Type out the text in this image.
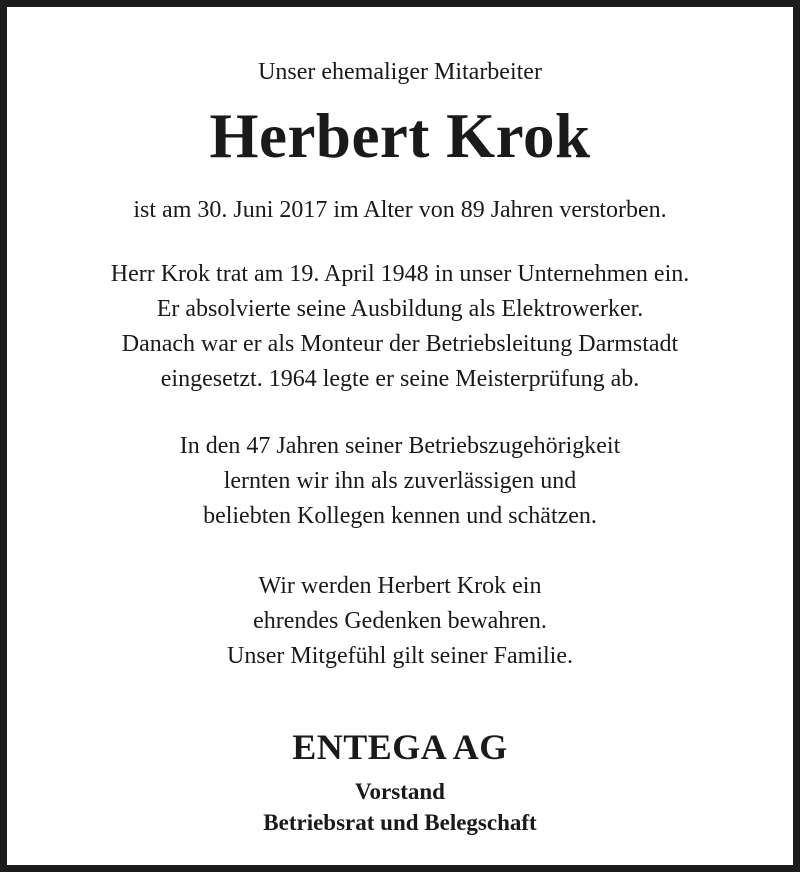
Unser ehemaliger Mitarbeiter
Herbert Krok
ist am 30. Juni 2017 im Alter von 89 Jahren verstorben.

Herr Krok trat am 19. April 1948 in unser Unternehmen ein.

Er absolvierte seine Ausbildung als Elektrowerker.

Danach war er als Monteur der Betriebsleitung Darmstadt

eingesetzt. 1964 legte er seine Meisterprüfung ab.

In den 47 Jahren seiner Betriebszugehörigkeit

lernten wir ihn als zuverlässigen und

beliebten Kollegen kennen und schätzen.

Wir werden Herbert Krok ein

ehrendes Gedenken bewahren.

Unser Mitgefühl gilt seiner Familie.

ENTEGA AG

Vorstand

Betriebsrat und Belegschaft
